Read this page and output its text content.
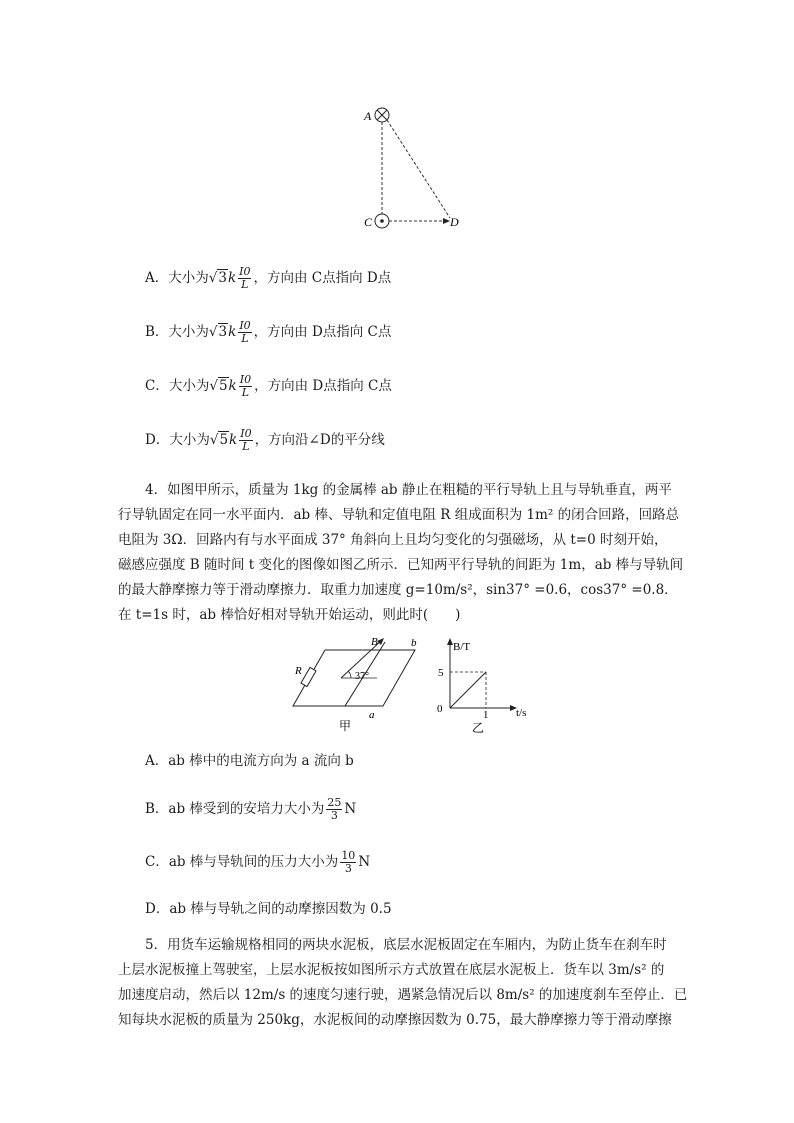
A
C	D
A．大小为$√3k \frac{I0}{L}$ ，方向由 C点指向 D点
B．大小为$√3k \frac{I0}{L}$ ，方向由 D点指向 C点
C．大小为$√5k \frac{I0}{L}$ ，方向由 D点指向 C点
D．大小为$√5k \frac{I0}{L}$ ，方向沿∠D的平分线

4．如图甲所示，质量为 1kg 的金属棒 ab 静止在粗糙的平行导轨上且与导轨垂直，两平

行导轨固定在同一水平面内．ab 棒、导轨和定值电阻 R 组成面积为 1m² 的闭合回路，回路总

电阻为 3Ω．回路内有与水平面成 37° 角斜向上且均匀变化的匀强磁场，从 t=0 时刻开始，

磁感应强度 B 随时间 t 变化的图像如图乙所示．已知两平行导轨的间距为 1m，ab 棒与导轨间

的最大静摩擦力等于滑动摩擦力．取重力加速度 g=10m/s²，sin37° =0.6，cos37° =0.8．

在 t=1s 时，ab 棒恰好相对导轨开始运动，则此时(　　)

B	b
R	37°
a
甲
B/T
5
0	1	t/s
乙
A．ab 棒中的电流方向为 a 流向 b
B．ab 棒受到的安培力大小为 $\frac{25}{3}$ N
C．ab 棒与导轨间的压力大小为 $\frac{10}{3}$ N
D．ab 棒与导轨之间的动摩擦因数为 0.5

5．用货车运输规格相同的两块水泥板，底层水泥板固定在车厢内，为防止货车在刹车时

上层水泥板撞上驾驶室，上层水泥板按如图所示方式放置在底层水泥板上．货车以 3m/s² 的

加速度启动，然后以 12m/s 的速度匀速行驶，遇紧急情况后以 8m/s² 的加速度刹车至停止．已

知每块水泥板的质量为 250kg，水泥板间的动摩擦因数为 0.75，最大静摩擦力等于滑动摩擦
